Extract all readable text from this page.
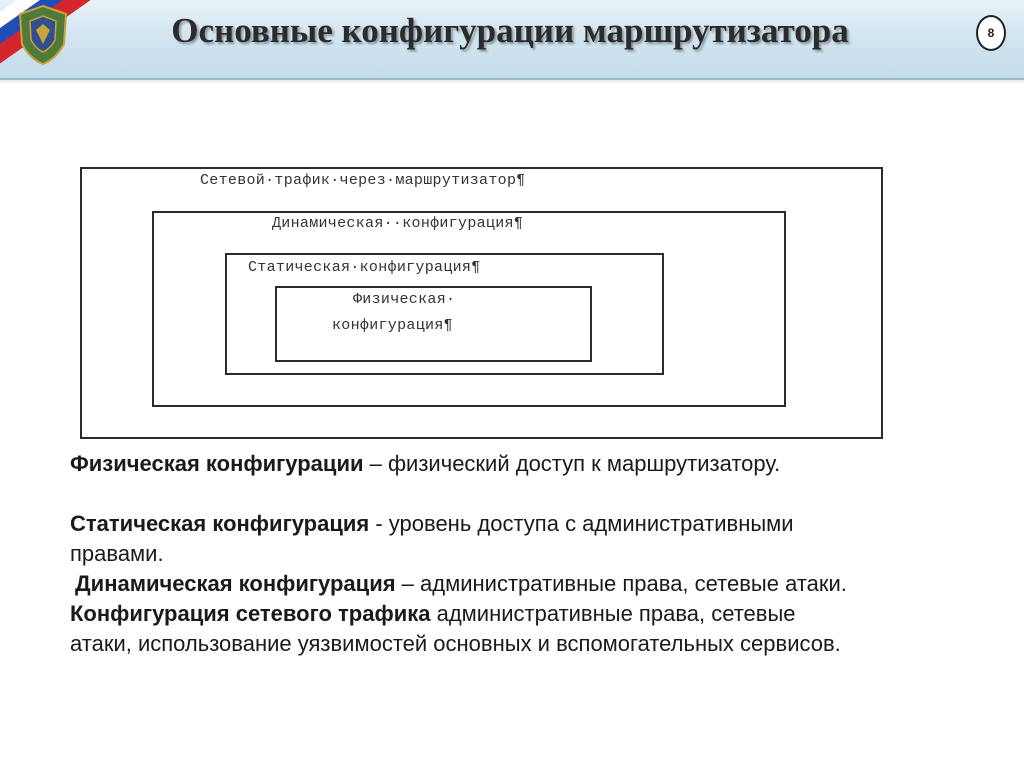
Основные конфигурации маршрутизатора	8
Сетевой·трафик·через·маршрутизатор¶
Динамическая··конфигурация¶
Статическая·конфигурация¶
Физическая·
конфигурация¶

Физическая конфигурации – физический доступ к маршрутизатору.

Статическая конфигурация - уровень доступа с административными правами.

Динамическая конфигурация – административные права, сетевые атаки.

Конфигурация сетевого трафика административные права, сетевые атаки, использование уязвимостей основных и вспомогательных сервисов.
